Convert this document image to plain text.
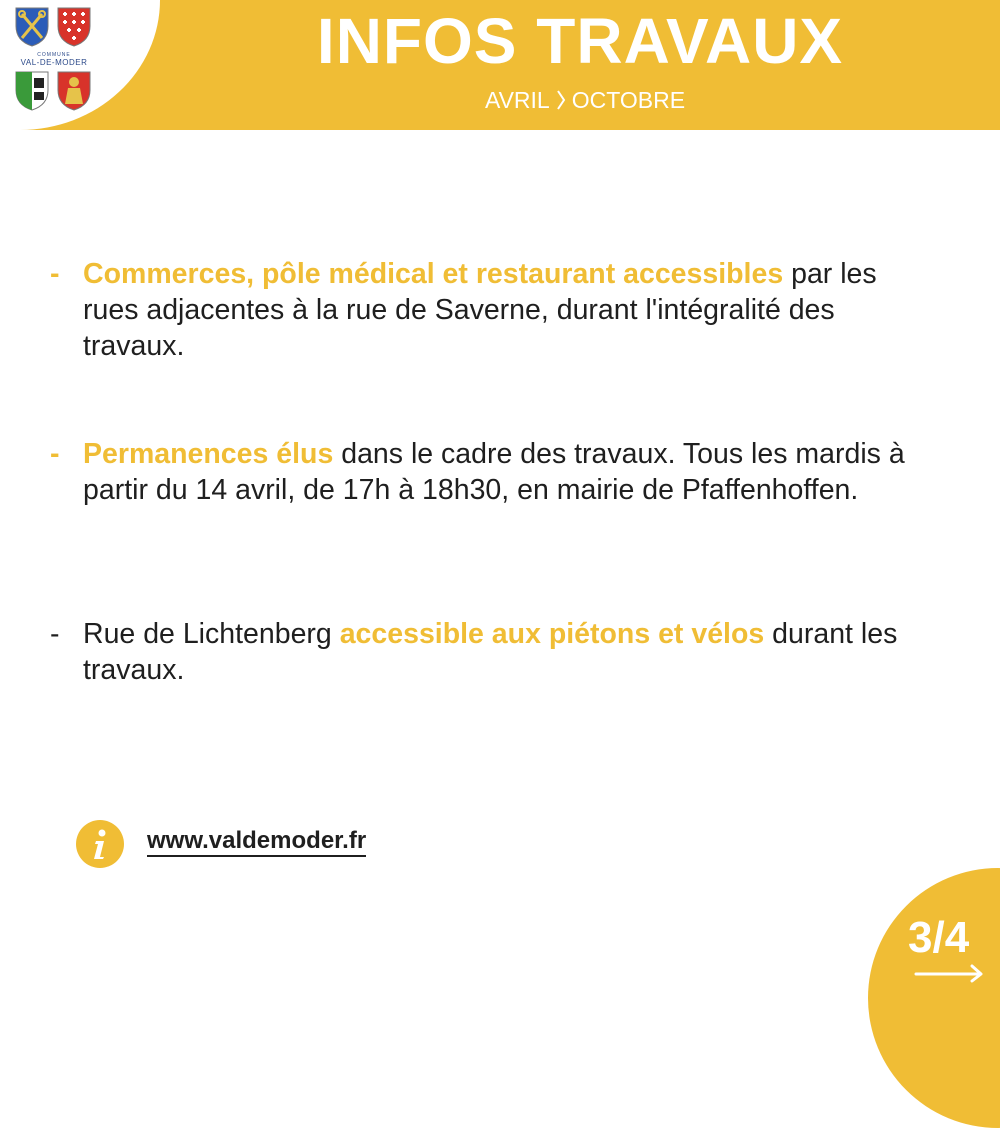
COMMUNE
VAL-DE-MODER	INFOS TRAVAUX
AVRIL OCTOBRE
- Commerces, pôle médical et restaurant accessibles par les rues adjacentes à la rue de Saverne, durant l'intégralité des travaux.
- Permanences élus dans le cadre des travaux. Tous les mardis à partir du 14 avril, de 17h à 18h30, en mairie de Pfaffenhoffen.
- Rue de Lichtenberg accessible aux piétons et vélos durant les travaux.
www.valdemoder.fr
3/4
